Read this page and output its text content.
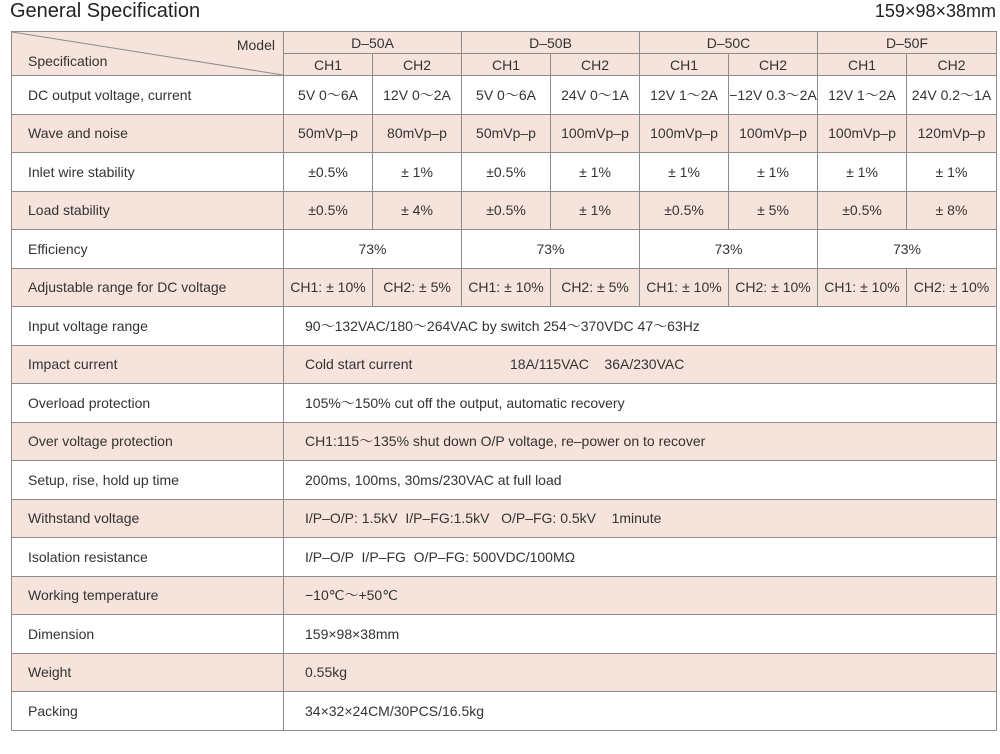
General Specification	159×98×38mm
Model
Specification	D–50A		D–50B		D–50C		D–50F	
	CH1	CH2	CH1	CH2	CH1	CH2	CH1	CH2
DC output voltage, current	5V 0～6A	12V 0～2A	5V 0～6A	24V 0～1A	12V 1～2A	−12V 0.3～2A	12V 1～2A	24V 0.2～1A
Wave and noise	50mVp–p	80mVp–p	50mVp–p	100mVp–p	100mVp–p	100mVp–p	100mVp–p	120mVp–p
Inlet wire stability	±0.5%	± 1%	±0.5%	± 1%	± 1%	± 1%	± 1%	± 1%
Load stability	±0.5%	± 4%	±0.5%	± 1%	±0.5%	± 5%	±0.5%	± 8%
Efficiency	73%		73%		73%		73%	
Adjustable range for DC voltage	CH1: ± 10%	CH2: ± 5%	CH1: ± 10%	CH2: ± 5%	CH1: ± 10%	CH2: ± 10%	CH1: ± 10%	CH2: ± 10%
Input voltage range	90～132VAC/180～264VAC by switch 254～370VDC 47～63Hz							
Impact current	Cold start current 18A/115VAC    36A/230VAC							
Overload protection	105%～150% cut off the output, automatic recovery							
Over voltage protection	CH1:115～135% shut down O/P voltage, re–power on to recover							
Setup, rise, hold up time	200ms, 100ms, 30ms/230VAC at full load							
Withstand voltage	I/P–O/P: 1.5kV  I/P–FG:1.5kV   O/P–FG: 0.5kV    1minute							
Isolation resistance	I/P–O/P  I/P–FG  O/P–FG: 500VDC/100MΩ							
Working temperature	−10℃～+50℃							
Dimension	159×98×38mm							
Weight	0.55kg							
Packing	34×32×24CM/30PCS/16.5kg							
